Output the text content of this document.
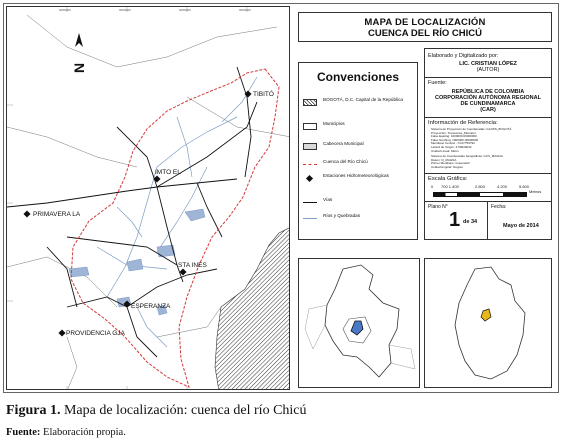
N
TIBITÓ
IMTO EL
PRIMAVERA LA
STA INES
ESPERANZA
PROVIDENCIA GJA
0000000	0000000	0000000	0000000
MAPA DE LOCALIZACIÓN
CUENCA DEL RÍO CHICÚ
Convenciones
BOGOTÁ, D.C. Capital de la República
Municipios
Cabecera Municipal
Cuenca del Río Chicú
Estaciones Hidrometeorológicas
Vías
Ríos y Quebradas
Elaborado y Digitalizado por:
LIC. CRISTIAN LÓPEZ
(AUTOR)
Fuente:
REPÚBLICA DE COLOMBIA
CORPORACIÓN AUTÓNOMA REGIONAL
DE CUNDINAMARCA
(CAR)
Información de Referencia:
Sistema de Proyección de Coordenadas: GAUSS_BOGOTÁ
Proyección: Transverse_Mercator
False Easting: 1000000.00000000
False Northing: 1000000.00000000
Meridiano Central: -74.07750792
Latitud de Origen: 4.59620042
Unidad Lineal: Metro
Sistema de Coordenadas Geográficas: GCS_MAGNA
Datum: D_MAGNA
Primer Meridiano: Greenwich
Unidad Angular: Degree
Escala Gráfica:
0 700 1.400	2.800	4.200	5.600
Metros
Plano N°
1 de 34
Fecha:
Mayo de 2014
Figura 1. Mapa de localización: cuenca del río Chicú
Fuente: Elaboración propia.
